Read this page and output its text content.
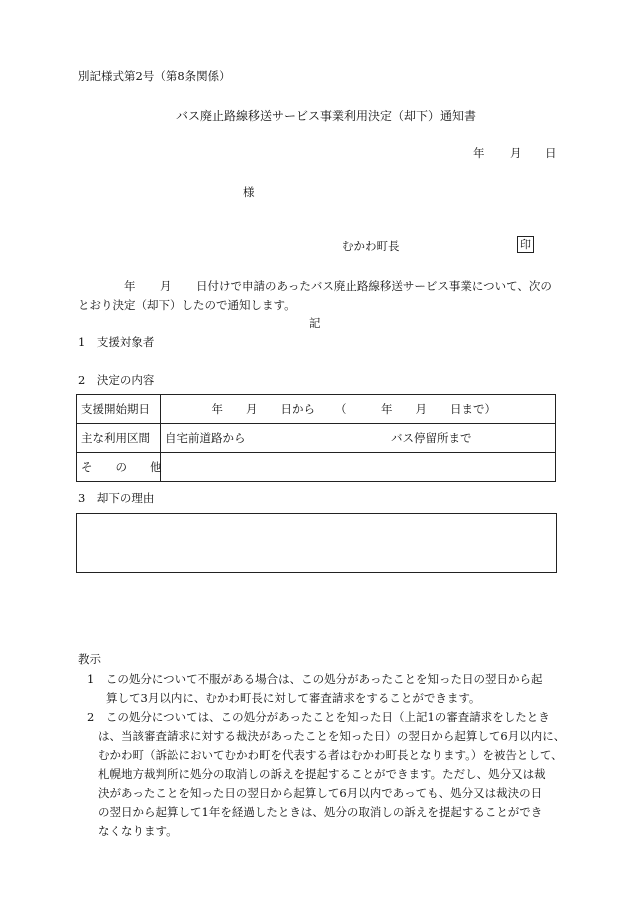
別記様式第2号（第8条関係）
バス廃止路線移送サービス事業利用決定（却下）通知書
年 月 日
様
むかわ町長	印
年 月 日付けで申請のあったバス廃止路線移送サービス事業について、次の
とおり決定（却下）したので通知します。
記
1　支援対象者
2　決定の内容
支援開始期日	年　　月　　日から （　　　年　　月　　日まで）
主な利用区間	自宅前道路から バス停留所まで
そ　　の　　他	
3　却下の理由
教示
1　この処分について不服がある場合は、この処分があったことを知った日の翌日から起
算して3月以内に、むかわ町長に対して審査請求をすることができます。
2　この処分については、この処分があったことを知った日（上記1の審査請求をしたとき
は、当該審査請求に対する裁決があったことを知った日）の翌日から起算して6月以内に、
むかわ町（訴訟においてむかわ町を代表する者はむかわ町長となります。）を被告として、
札幌地方裁判所に処分の取消しの訴えを提起することができます。ただし、処分又は裁
決があったことを知った日の翌日から起算して6月以内であっても、処分又は裁決の日
の翌日から起算して1年を経過したときは、処分の取消しの訴えを提起することができ
なくなります。
